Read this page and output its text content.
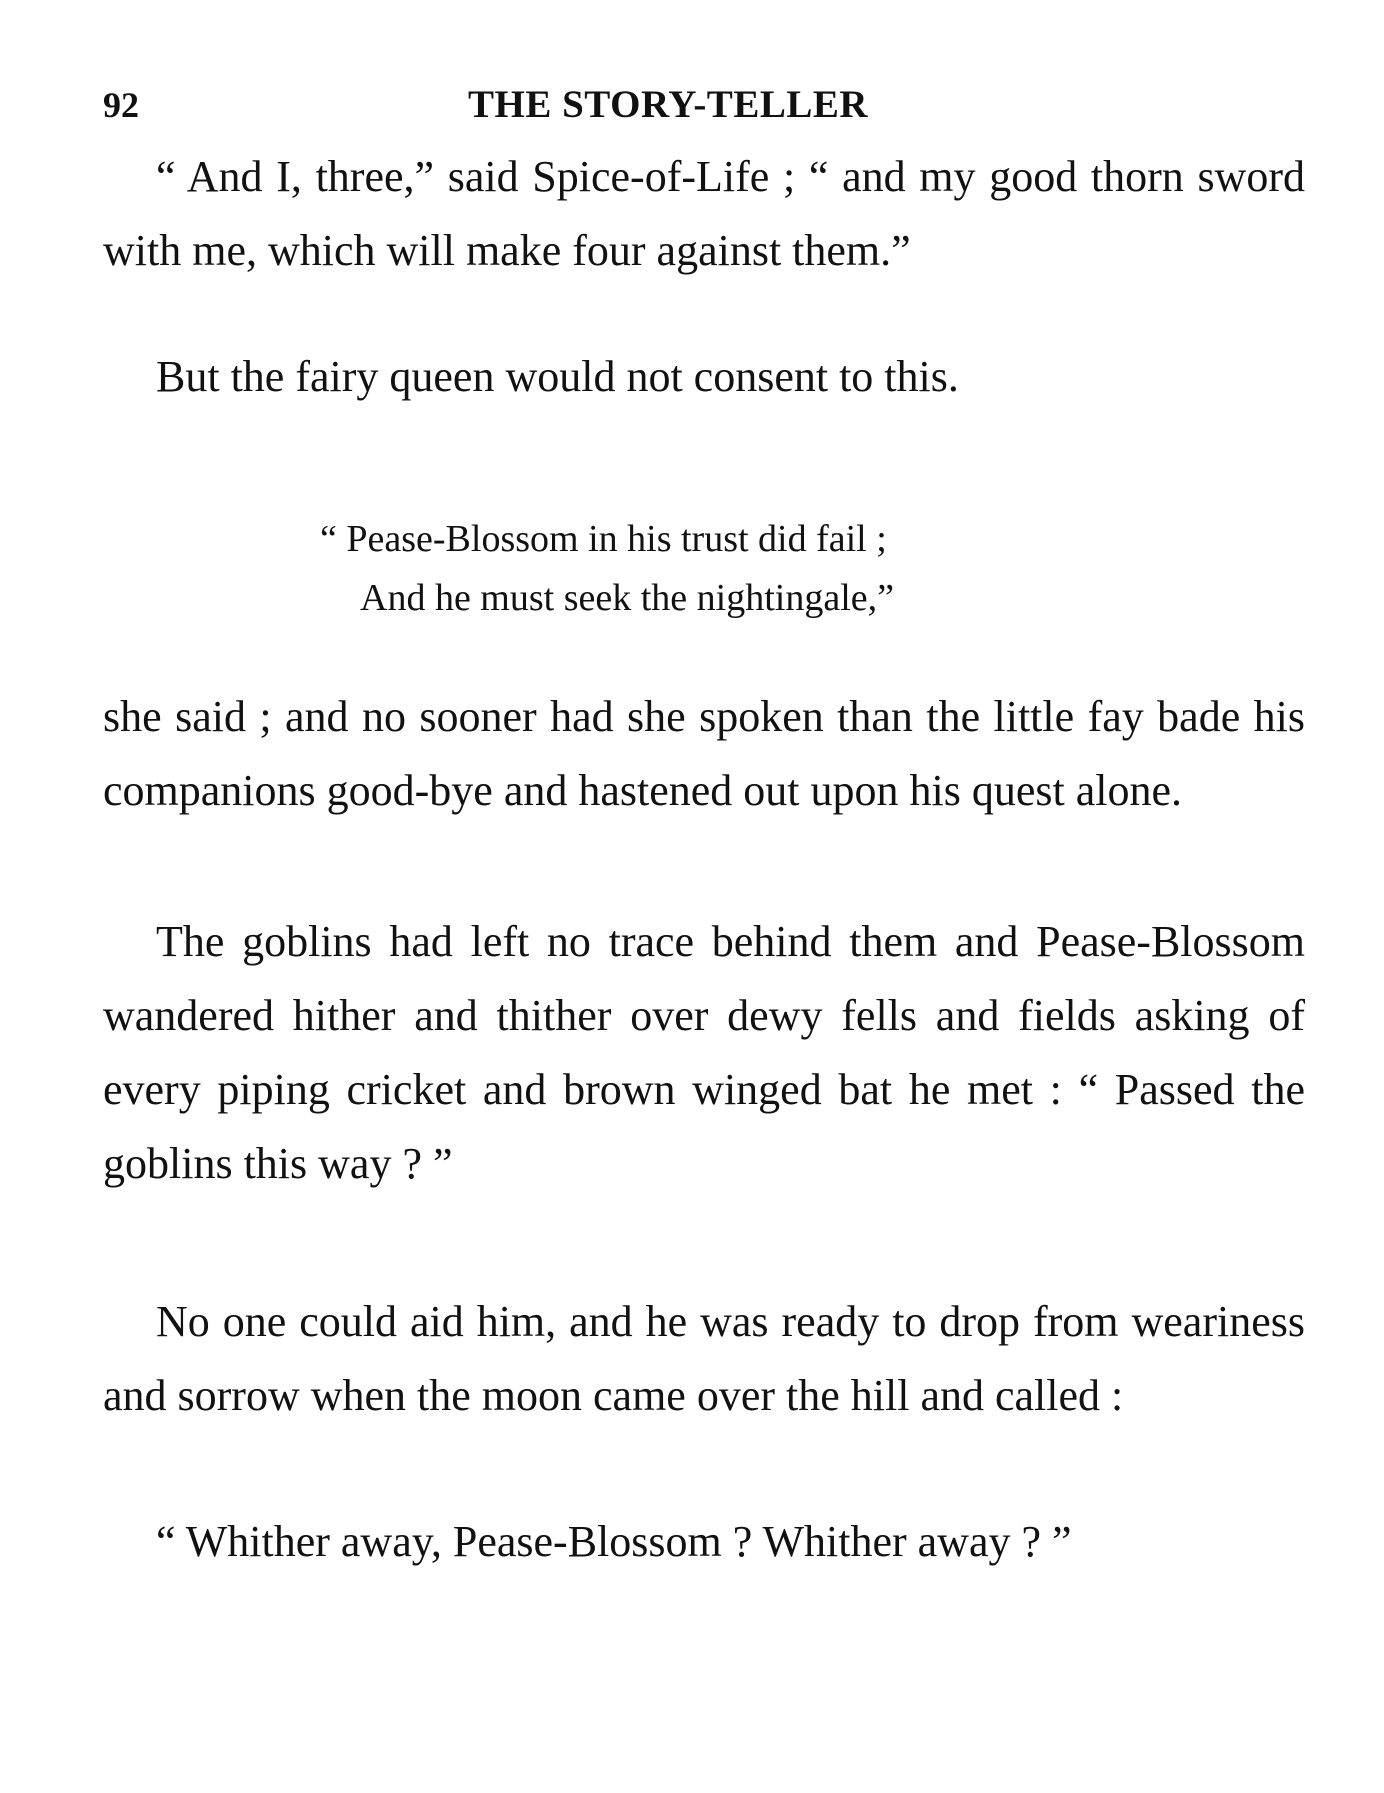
92	THE STORY-TELLER

“ And I, three,” said Spice-of-Life ; “ and my good thorn sword with me, which will make four against them.”

But the fairy queen would not consent to this.

“ Pease-Blossom in his trust did fail ;
And he must seek the nightingale,”

she said ; and no sooner had she spoken than the little fay bade his companions good-bye and hastened out upon his quest alone.

The goblins had left no trace behind them and Pease-Blossom wandered hither and thither over dewy fells and fields asking of every piping cricket and brown winged bat he met : “ Passed the goblins this way ? ”

No one could aid him, and he was ready to drop from weariness and sorrow when the moon came over the hill and called :

“ Whither away, Pease-Blossom ? Whither away ? ”
